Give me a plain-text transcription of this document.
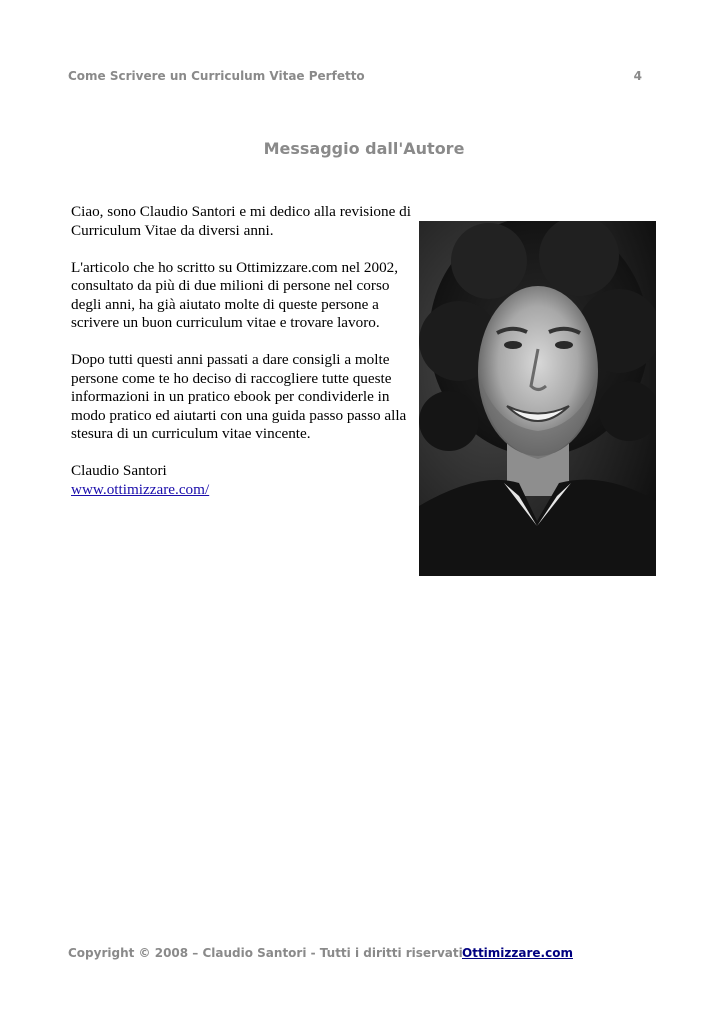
Come Scrivere un Curriculum Vitae Perfetto	4
Messaggio dall'Autore

Ciao, sono Claudio Santori e mi dedico alla revisione di Curriculum Vitae da diversi anni.

L'articolo che ho scritto su Ottimizzare.com nel 2002, consultato da più di due milioni di persone nel corso degli anni, ha già aiutato molte di queste persone a scrivere un buon curriculum vitae e trovare lavoro.

Dopo tutti questi anni passati a dare consigli a molte persone come te ho deciso di raccogliere tutte queste informazioni in un pratico ebook per condividerle in modo pratico ed aiutarti con una guida passo passo alla stesura di un curriculum vitae vincente.

Claudio Santori
www.ottimizzare.com/
Copyright © 2008 – Claudio Santori - Tutti i diritti riservati Ottimizzare.com
